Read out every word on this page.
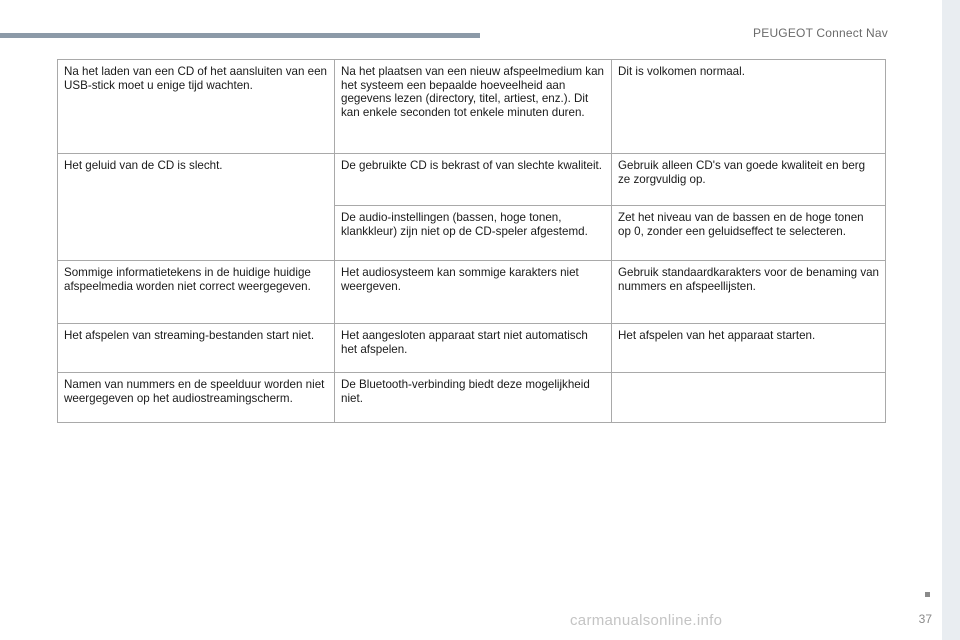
PEUGEOT Connect Nav
Na het laden van een CD of het aansluiten van een USB-stick moet u enige tijd wachten.	Na het plaatsen van een nieuw afspeelmedium kan het systeem een bepaalde hoeveelheid aan gegevens lezen (directory, titel, artiest, enz.). Dit kan enkele seconden tot enkele minuten duren.	Dit is volkomen normaal.
Het geluid van de CD is slecht.	De gebruikte CD is bekrast of van slechte kwaliteit.	Gebruik alleen CD's van goede kwaliteit en berg ze zorgvuldig op.
	De audio-instellingen (bassen, hoge tonen, klankkleur) zijn niet op de CD-speler afgestemd.	Zet het niveau van de bassen en de hoge tonen op 0, zonder een geluidseffect te selecteren.
Sommige informatietekens in de huidige huidige afspeelmedia worden niet correct weergegeven.	Het audiosysteem kan sommige karakters niet weergeven.	Gebruik standaardkarakters voor de benaming van nummers en afspeellijsten.
Het afspelen van streaming-bestanden start niet.	Het aangesloten apparaat start niet automatisch het afspelen.	Het afspelen van het apparaat starten.
Namen van nummers en de speelduur worden niet weergegeven op het audiostreamingscherm.	De Bluetooth-verbinding biedt deze mogelijkheid niet.	
37
carmanualsonline.info
